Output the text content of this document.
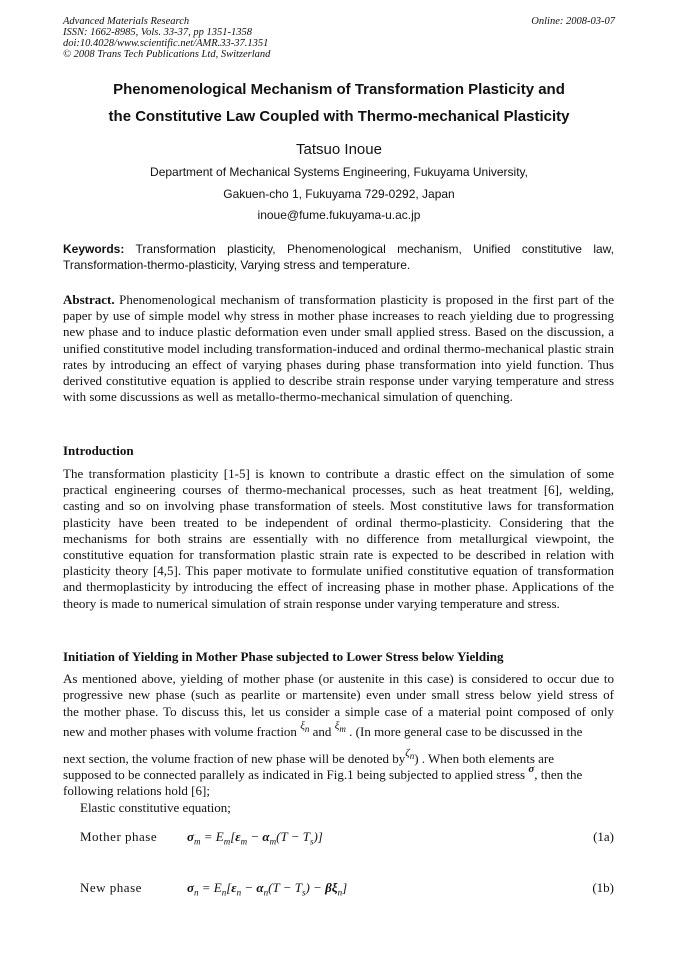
Advanced Materials Research
ISSN: 1662-8985, Vols. 33-37, pp 1351-1358
doi:10.4028/www.scientific.net/AMR.33-37.1351
© 2008 Trans Tech Publications Ltd, Switzerland
Online: 2008-03-07
Phenomenological Mechanism of Transformation Plasticity and
the Constitutive Law Coupled with Thermo-mechanical Plasticity
Tatsuo Inoue
Department of Mechanical Systems Engineering, Fukuyama University,
Gakuen-cho 1, Fukuyama 729-0292, Japan
inoue@fume.fukuyama-u.ac.jp
Keywords: Transformation plasticity, Phenomenological mechanism, Unified constitutive law, Transformation-thermo-plasticity, Varying stress and temperature.
Abstract. Phenomenological mechanism of transformation plasticity is proposed in the first part of the paper by use of simple model why stress in mother phase increases to reach yielding due to progressing new phase and to induce plastic deformation even under small applied stress. Based on the discussion, a unified constitutive model including transformation-induced and ordinal thermo-mechanical plastic strain rates by introducing an effect of varying phases during phase transformation into yield function. Thus derived constitutive equation is applied to describe strain response under varying temperature and stress with some discussions as well as metallo-thermo-mechanical simulation of quenching.
Introduction
The transformation plasticity [1-5] is known to contribute a drastic effect on the simulation of some practical engineering courses of thermo-mechanical processes, such as heat treatment [6], welding, casting and so on involving phase transformation of steels. Most constitutive laws for transformation plasticity have been treated to be independent of ordinal thermo-plasticity. Considering that the mechanisms for both strains are essentially with no difference from metallurgical viewpoint, the constitutive equation for transformation plastic strain rate is expected to be described in relation with plasticity theory [4,5]. This paper motivate to formulate unified constitutive equation of transformation and thermoplasticity by introducing the effect of increasing phase in mother phase. Applications of the theory is made to numerical simulation of strain response under varying temperature and stress.
Initiation of Yielding in Mother Phase subjected to Lower Stress below Yielding
As mentioned above, yielding of mother phase (or austenite in this case) is considered to occur due to
progressive new phase (such as pearlite or martensite) even under small stress below yield stress of
the mother phase. To discuss this, let us consider a simple case of a material point composed of only
new and mother phases with volume fraction $^{\xi_n}$ and $^{\xi_m}$ . (In more general case to be discussed in the
next section, the volume fraction of new phase will be denoted $by^{\zeta_n}$) . When both elements are
supposed to be connected parallely as indicated in Fig.1 being subjected to applied stress $^\sigma$, then the
following relations hold [6];
Elastic constitutive equation;
Mother phase $\sigma_m = E_m[\varepsilon_m - \alpha_m(T - T_s)]$	(1a)
New phase	$\sigma_n = E_n[\varepsilon_n - \alpha_n(T - T_s) - \beta\xi_n]$	(1b)
